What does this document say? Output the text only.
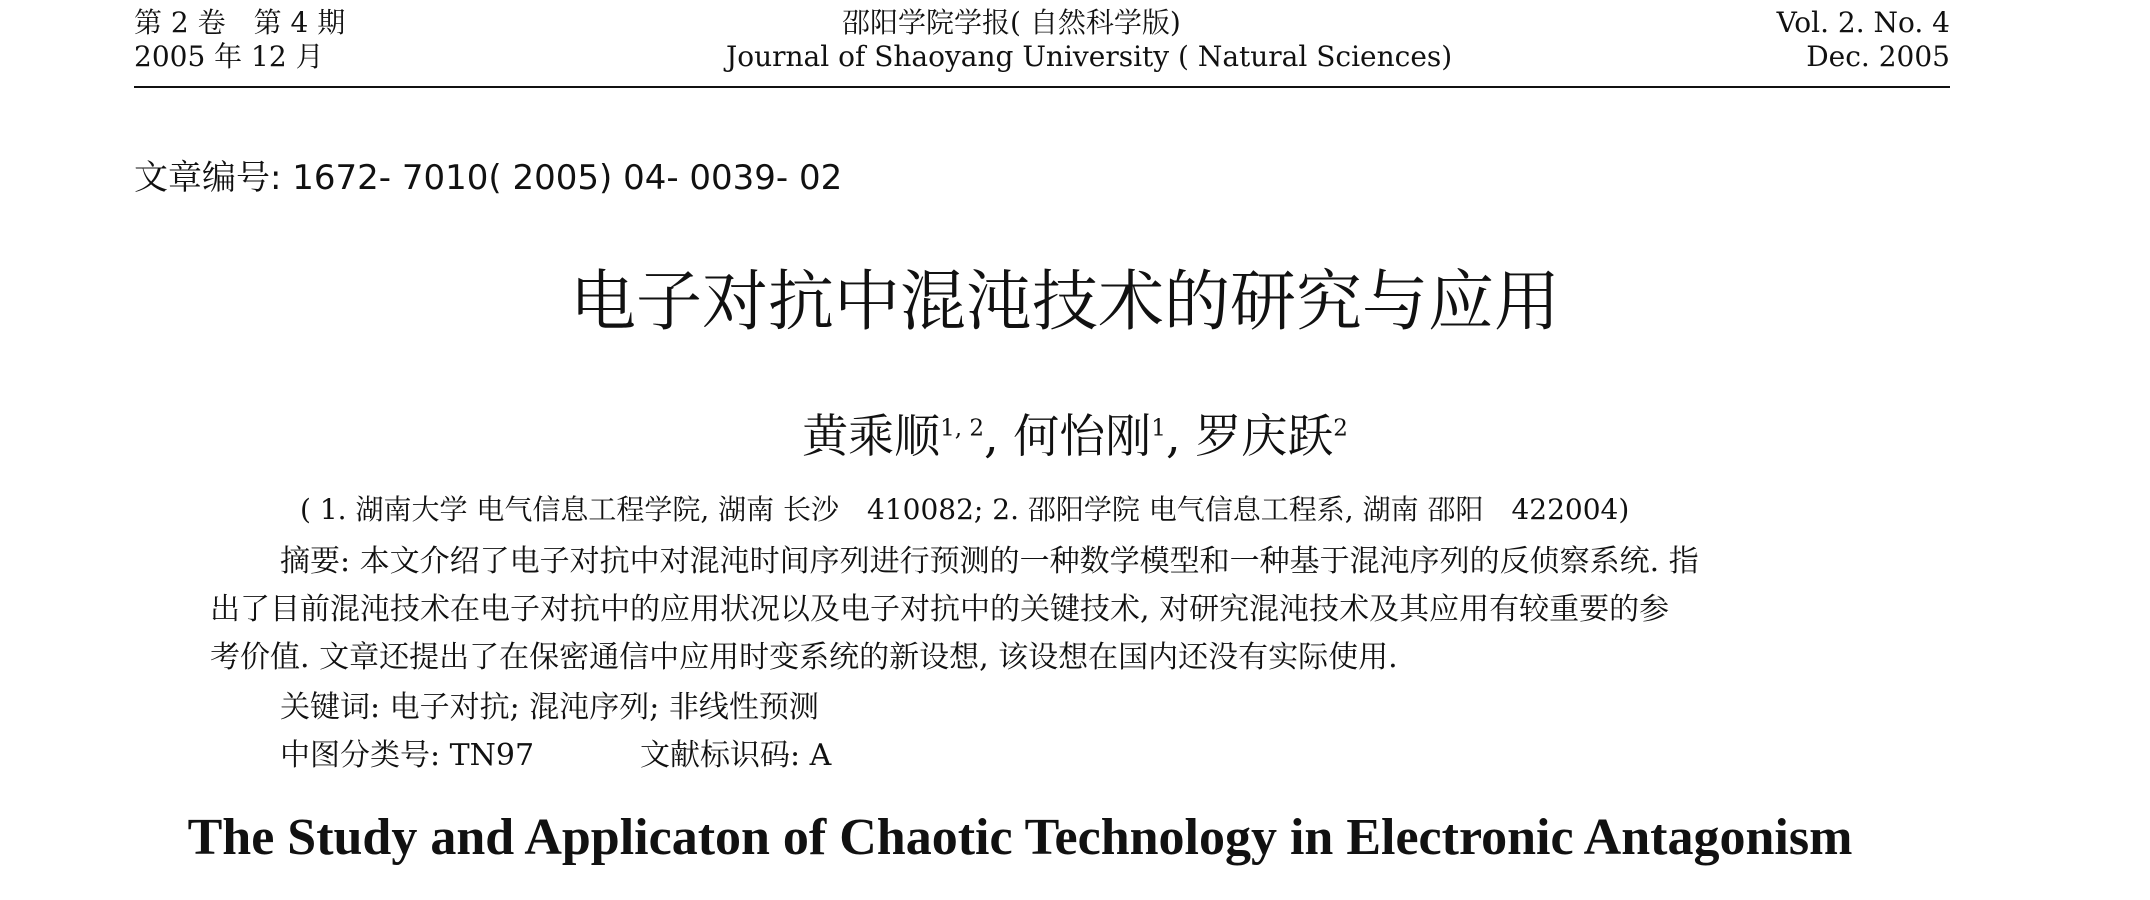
第 2 卷　第 4 期
2005 年 12 月
邵阳学院学报( 自然科学版)
Journal of Shaoyang University ( Natural Sciences)
Vol. 2. No. 4
Dec. 2005
文章编号: 1672- 7010( 2005) 04- 0039- 02
电子对抗中混沌技术的研究与应用
黄乘顺$^{1, 2}$, 何怡刚$^1$, 罗庆跃$^2$
( 1. 湖南大学 电气信息工程学院, 湖南 长沙　410082; 2. 邵阳学院 电气信息工程系, 湖南 邵阳　422004)
摘要: 本文介绍了电子对抗中对混沌时间序列进行预测的一种数学模型和一种基于混沌序列的反侦察系统. 指
出了目前混沌技术在电子对抗中的应用状况以及电子对抗中的关键技术, 对研究混沌技术及其应用有较重要的参
考价值. 文章还提出了在保密通信中应用时变系统的新设想, 该设想在国内还没有实际使用.
关键词: 电子对抗; 混沌序列; 非线性预测
中图分类号: TN97	文献标识码: A
The Study and Applicaton of Chaotic Technology in Electronic Antagonism
